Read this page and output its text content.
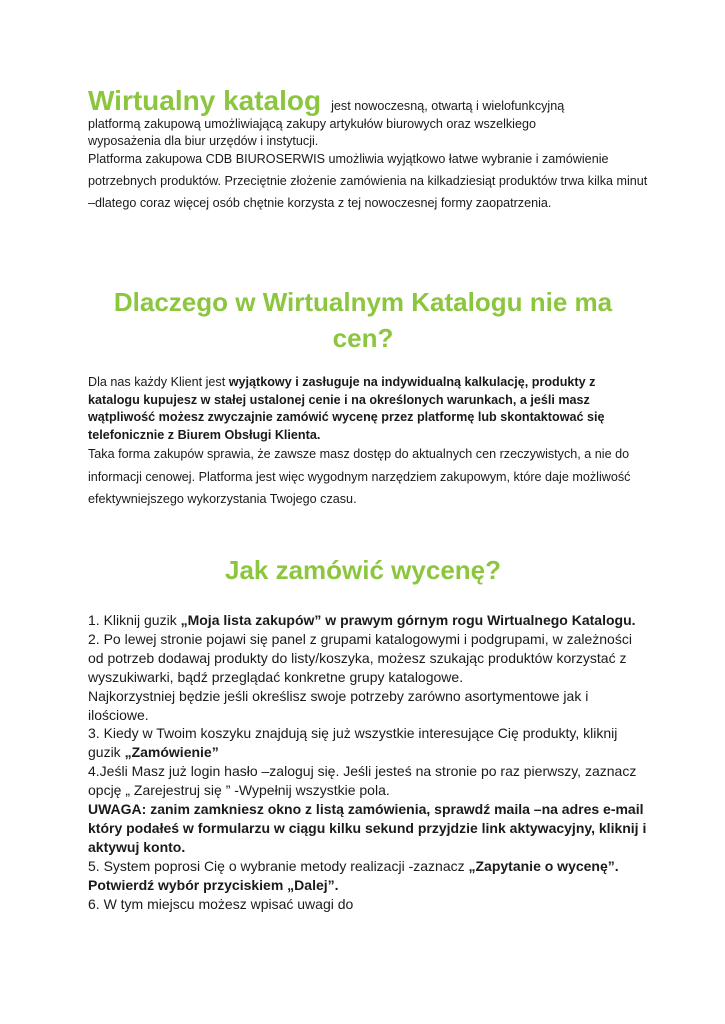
Wirtualny katalog jest nowoczesną, otwartą i wielofunkcyjną
platformą zakupową umożliwiającą zakupy artykułów biurowych oraz wszelkiego
wyposażenia dla biur urzędów i instytucji.

Platforma zakupowa CDB BIUROSERWIS umożliwia wyjątkowo łatwe wybranie i zamówienie potrzebnych produktów. Przeciętnie złożenie zamówienia na kilkadziesiąt produktów trwa kilka minut –dlatego coraz więcej osób chętnie korzysta z tej nowoczesnej formy zaopatrzenia.

Dlaczego w Wirtualnym Katalogu nie ma cen?

Dla nas każdy Klient jest wyjątkowy i zasługuje na indywidualną kalkulację, produkty z katalogu kupujesz w stałej ustalonej cenie i na określonych warunkach, a jeśli masz wątpliwość możesz zwyczajnie zamówić wycenę przez platformę lub skontaktować się telefonicznie z Biurem Obsługi Klienta.

Taka forma zakupów sprawia, że zawsze masz dostęp do aktualnych cen rzeczywistych, a nie do informacji cenowej. Platforma jest więc wygodnym narzędziem zakupowym, które daje możliwość efektywniejszego wykorzystania Twojego czasu.

Jak zamówić wycenę?

1. Kliknij guzik „Moja lista zakupów” w prawym górnym rogu Wirtualnego Katalogu.

2. Po lewej stronie pojawi się panel z grupami katalogowymi i podgrupami, w zależności od potrzeb dodawaj produkty do listy/koszyka, możesz szukając produktów korzystać z wyszukiwarki, bądź przeglądać konkretne grupy katalogowe.

Najkorzystniej będzie jeśli określisz swoje potrzeby zarówno asortymentowe jak i ilościowe.

3. Kiedy w Twoim koszyku znajdują się już wszystkie interesujące Cię produkty, kliknij guzik „Zamówienie”

4.Jeśli Masz już login hasło –zaloguj się. Jeśli jesteś na stronie po raz pierwszy, zaznacz opcję „ Zarejestruj się ” -Wypełnij wszystkie pola.

UWAGA: zanim zamkniesz okno z listą zamówienia, sprawdź maila –na adres e-mail który podałeś w formularzu w ciągu kilku sekund przyjdzie link aktywacyjny, kliknij i aktywuj konto.

5. System poprosi Cię o wybranie metody realizacji -zaznacz „Zapytanie o wycenę”.

Potwierdź wybór przyciskiem „Dalej”.

6. W tym miejscu możesz wpisać uwagi do
